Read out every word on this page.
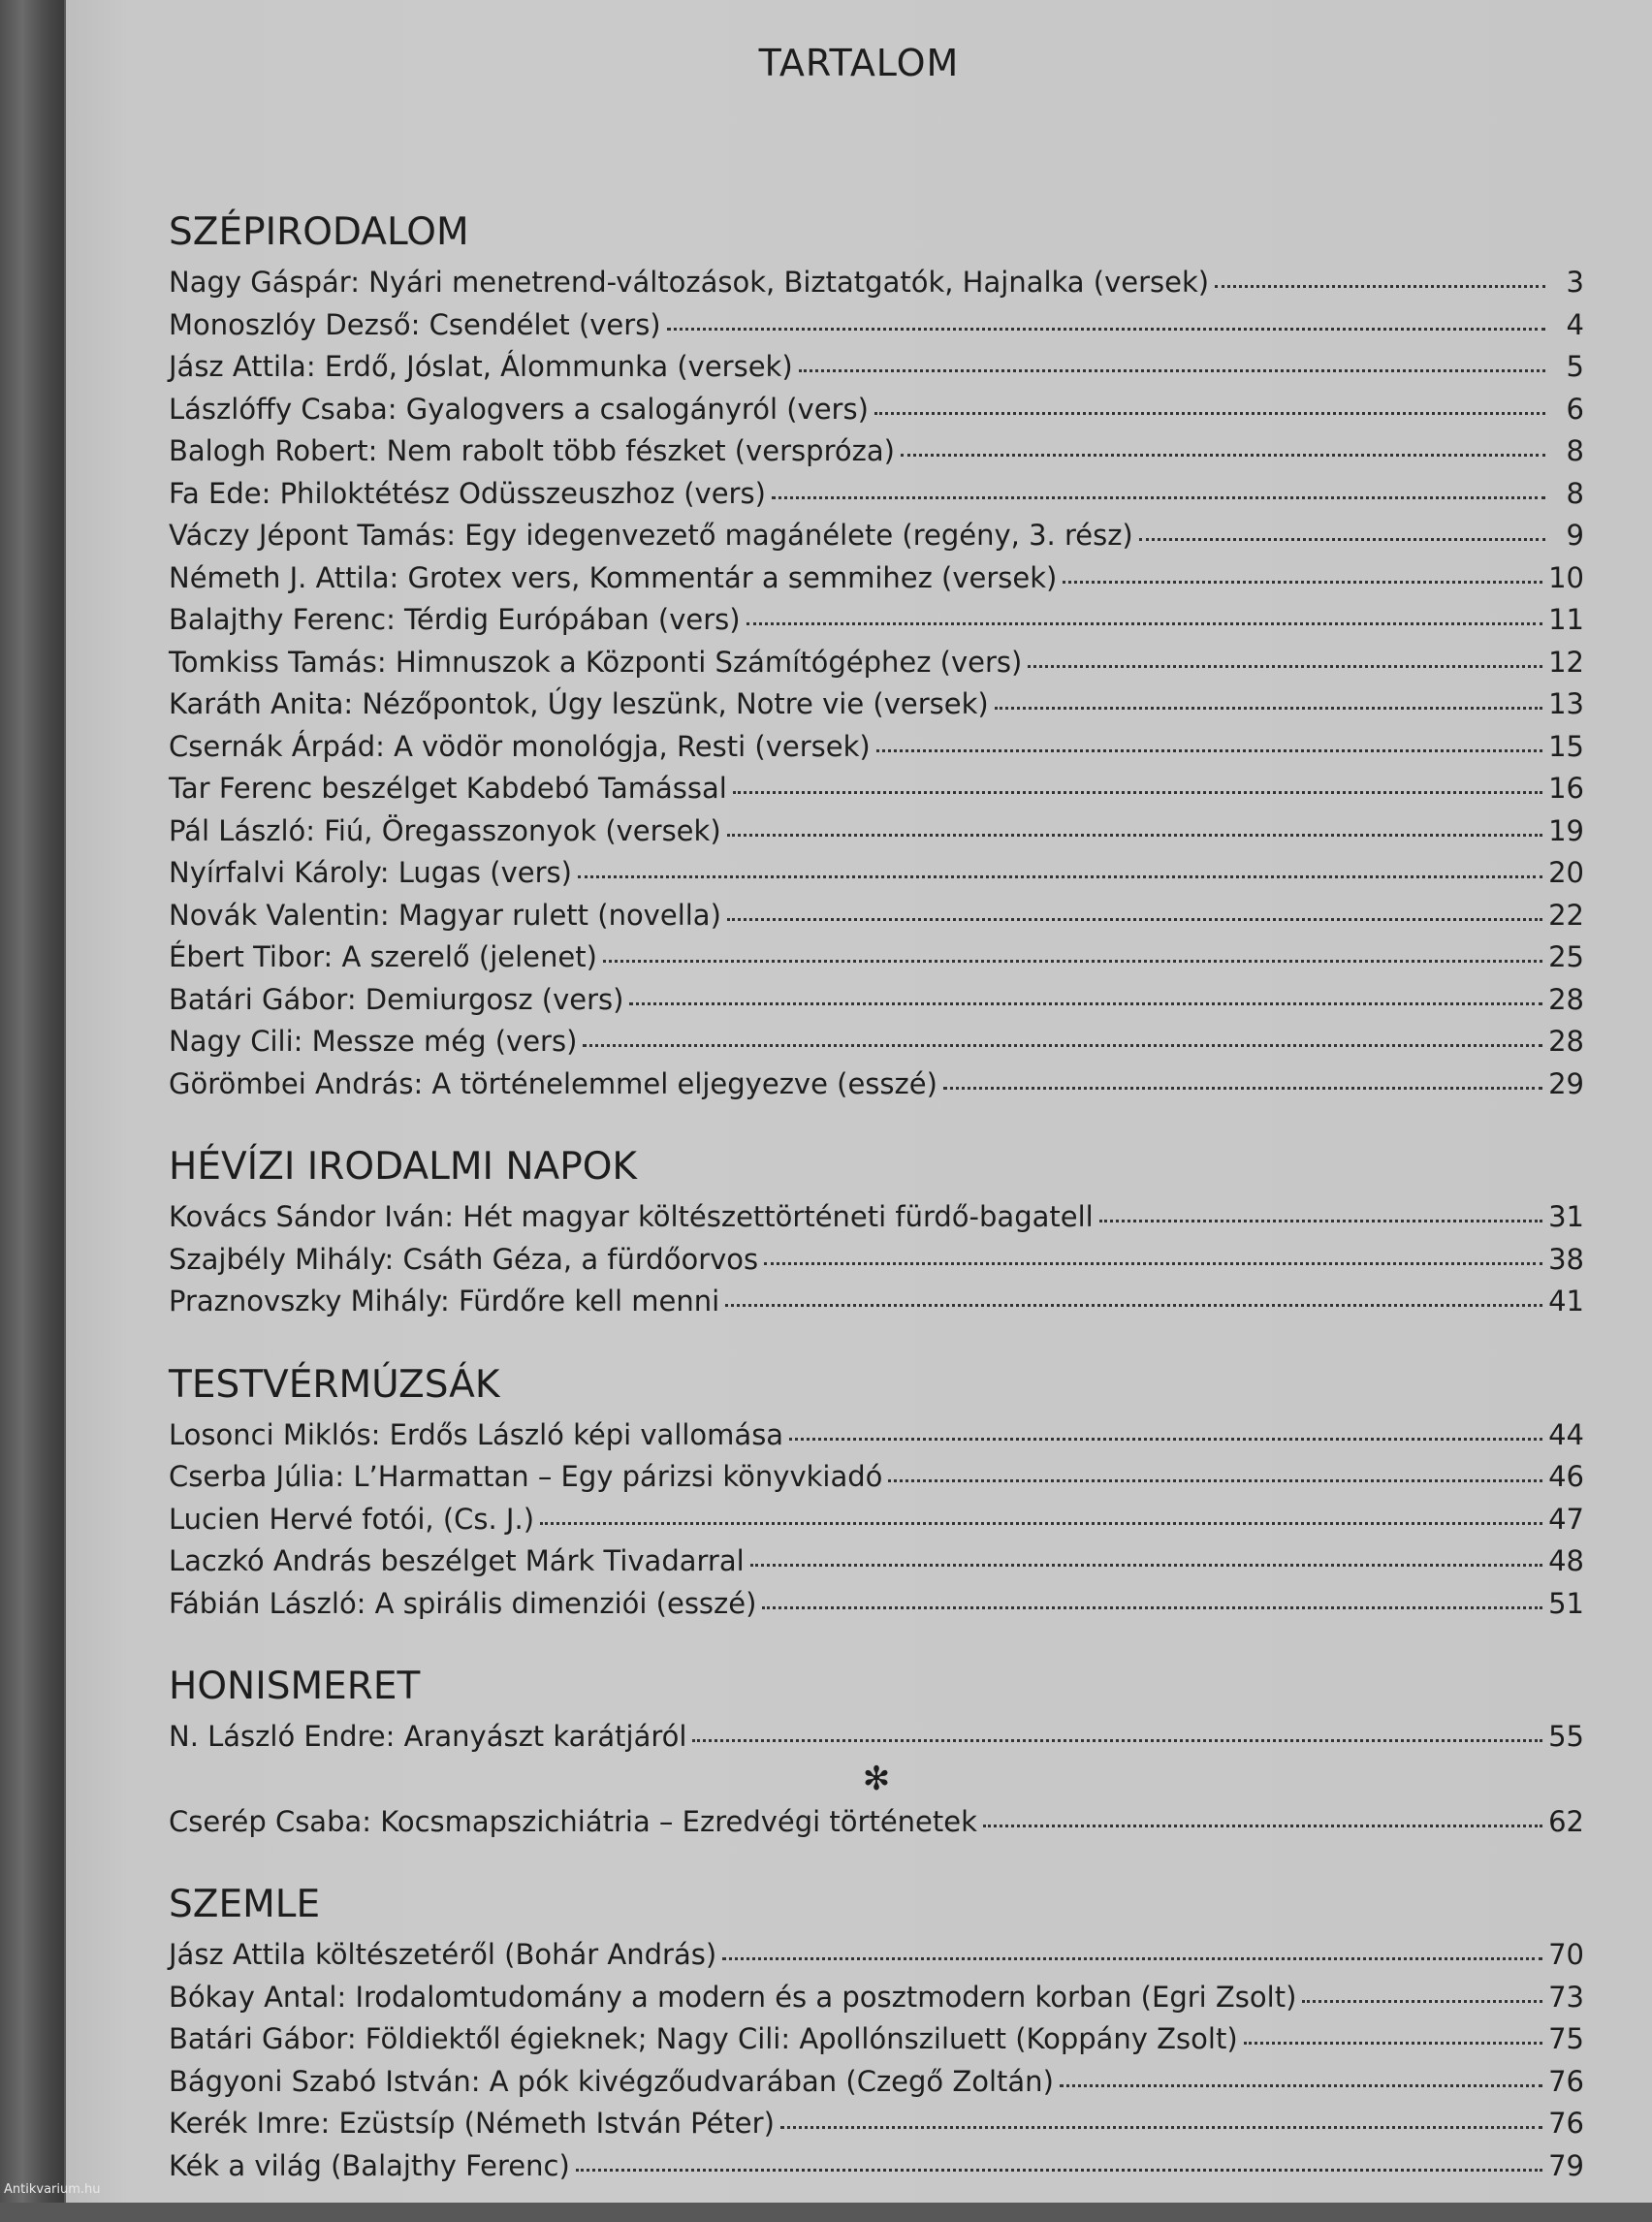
TARTALOM
SZÉPIRODALOM
Nagy Gáspár: Nyári menetrend-változások, Biztatgatók, Hajnalka (versek)	3
Monoszlóy Dezső: Csendélet (vers)	4
Jász Attila: Erdő, Jóslat, Álommunka (versek)	5
Lászlóffy Csaba: Gyalogvers a csalogányról (vers)	6
Balogh Robert: Nem rabolt több fészket (verspróza)	8
Fa Ede: Philoktétész Odüsszeuszhoz (vers)	8
Váczy Jépont Tamás: Egy idegenvezető magánélete (regény, 3. rész)	9
Németh J. Attila: Grotex vers, Kommentár a semmihez (versek)	10
Balajthy Ferenc: Térdig Európában (vers)	11
Tomkiss Tamás: Himnuszok a Központi Számítógéphez (vers)	12
Karáth Anita: Nézőpontok, Úgy leszünk, Notre vie (versek)	13
Csernák Árpád: A vödör monológja, Resti (versek)	15
Tar Ferenc beszélget Kabdebó Tamással	16
Pál László: Fiú, Öregasszonyok (versek)	19
Nyírfalvi Károly: Lugas (vers)	20
Novák Valentin: Magyar rulett (novella)	22
Ébert Tibor: A szerelő (jelenet)	25
Batári Gábor: Demiurgosz (vers)	28
Nagy Cili: Messze még (vers)	28
Görömbei András: A történelemmel eljegyezve (esszé)	29
HÉVÍZI IRODALMI NAPOK
Kovács Sándor Iván: Hét magyar költészettörténeti fürdő-bagatell	31
Szajbély Mihály: Csáth Géza, a fürdőorvos	38
Praznovszky Mihály: Fürdőre kell menni	41
TESTVÉRMÚZSÁK
Losonci Miklós: Erdős László képi vallomása	44
Cserba Júlia: L’Harmattan – Egy párizsi könyvkiadó	46
Lucien Hervé fotói, (Cs. J.)	47
Laczkó András beszélget Márk Tivadarral	48
Fábián László: A spirális dimenziói (esszé)	51
HONISMERET
N. László Endre: Aranyászt karátjáról	55
✻
Cserép Csaba: Kocsmapszichiátria – Ezredvégi történetek	62
SZEMLE
Jász Attila költészetéről (Bohár András)	70
Bókay Antal: Irodalomtudomány a modern és a posztmodern korban (Egri Zsolt)	73
Batári Gábor: Földiektől égieknek; Nagy Cili: Apollónsziluett (Koppány Zsolt)	75
Bágyoni Szabó István: A pók kivégzőudvarában (Czegő Zoltán)	76
Kerék Imre: Ezüstsíp (Németh István Péter)	76
Kék a világ (Balajthy Ferenc)	79
Antikvarium.hu
